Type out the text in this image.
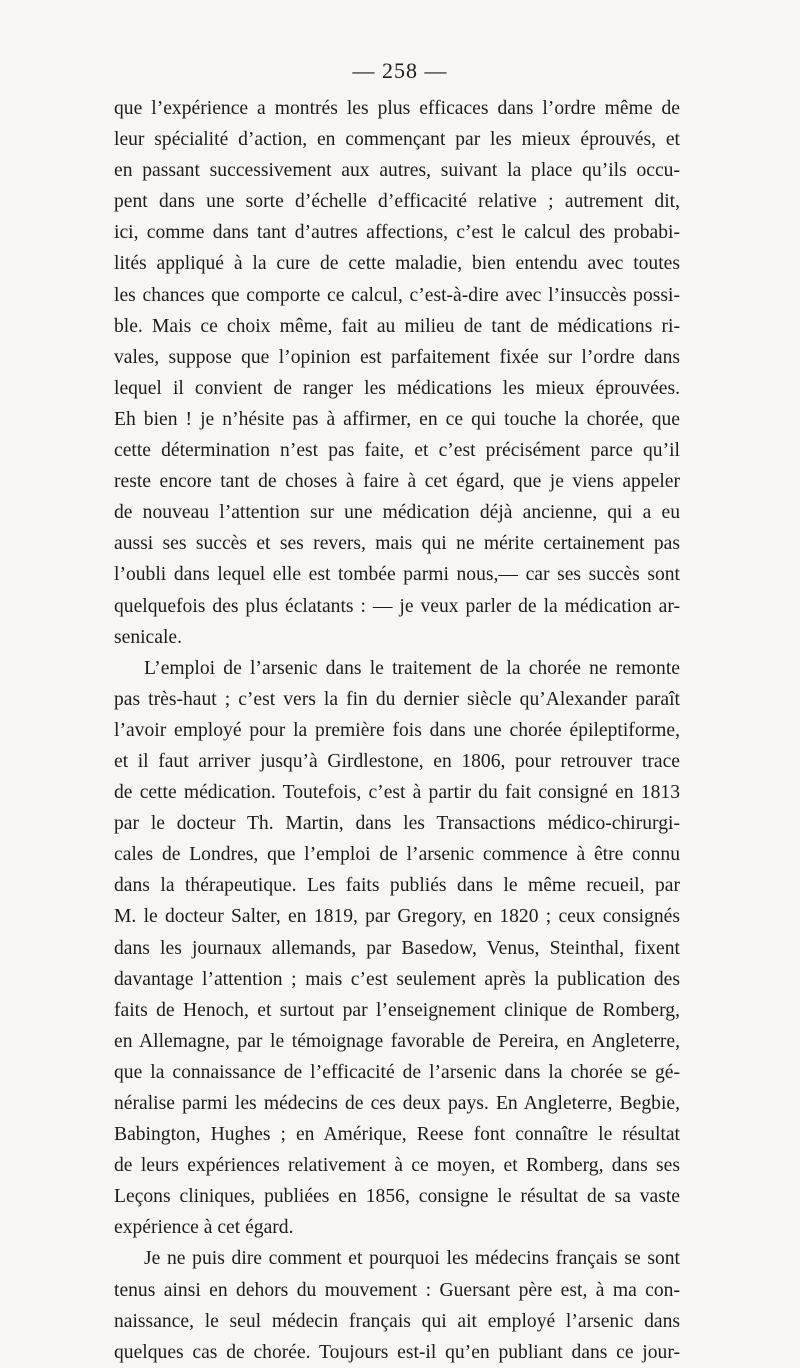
— 258 —
que l’expérience a montrés les plus efficaces dans l’ordre même de
leur spécialité d’action, en commençant par les mieux éprouvés, et
en passant successivement aux autres, suivant la place qu’ils occu-
pent dans une sorte d’échelle d’efficacité relative ; autrement dit,
ici, comme dans tant d’autres affections, c’est le calcul des probabi-
lités appliqué à la cure de cette maladie, bien entendu avec toutes
les chances que comporte ce calcul, c’est-à-dire avec l’insuccès possi-
ble. Mais ce choix même, fait au milieu de tant de médications ri-
vales, suppose que l’opinion est parfaitement fixée sur l’ordre dans
lequel il convient de ranger les médications les mieux éprouvées.
Eh bien ! je n’hésite pas à affirmer, en ce qui touche la chorée, que
cette détermination n’est pas faite, et c’est précisément parce qu’il
reste encore tant de choses à faire à cet égard, que je viens appeler
de nouveau l’attention sur une médication déjà ancienne, qui a eu
aussi ses succès et ses revers, mais qui ne mérite certainement pas
l’oubli dans lequel elle est tombée parmi nous,— car ses succès sont
quelquefois des plus éclatants : — je veux parler de la médication ar-
senicale.
L’emploi de l’arsenic dans le traitement de la chorée ne remonte
pas très-haut ; c’est vers la fin du dernier siècle qu’Alexander paraît
l’avoir employé pour la première fois dans une chorée épileptiforme,
et il faut arriver jusqu’à Girdlestone, en 1806, pour retrouver trace
de cette médication. Toutefois, c’est à partir du fait consigné en 1813
par le docteur Th. Martin, dans les Transactions médico-chirurgi-
cales de Londres, que l’emploi de l’arsenic commence à être connu
dans la thérapeutique. Les faits publiés dans le même recueil, par
M. le docteur Salter, en 1819, par Gregory, en 1820 ; ceux consignés
dans les journaux allemands, par Basedow, Venus, Steinthal, fixent
davantage l’attention ; mais c’est seulement après la publication des
faits de Henoch, et surtout par l’enseignement clinique de Romberg,
en Allemagne, par le témoignage favorable de Pereira, en Angleterre,
que la connaissance de l’efficacité de l’arsenic dans la chorée se gé-
néralise parmi les médecins de ces deux pays. En Angleterre, Begbie,
Babington, Hughes ; en Amérique, Reese font connaître le résultat
de leurs expériences relativement à ce moyen, et Romberg, dans ses
Leçons cliniques, publiées en 1856, consigne le résultat de sa vaste
expérience à cet égard.
Je ne puis dire comment et pourquoi les médecins français se sont
tenus ainsi en dehors du mouvement : Guersant père est, à ma con-
naissance, le seul médecin français qui ait employé l’arsenic dans
quelques cas de chorée. Toujours est-il qu’en publiant dans ce jour-
